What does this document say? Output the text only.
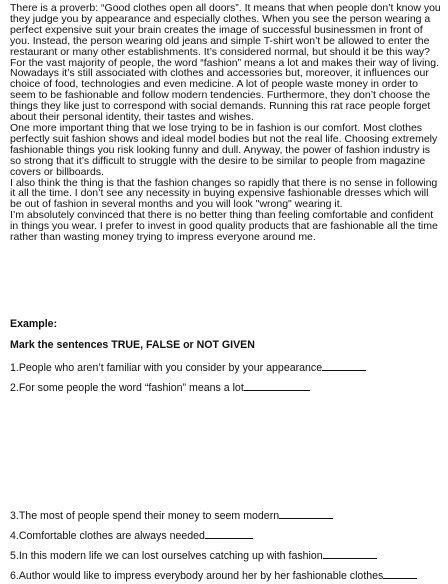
There is a proverb: “Good clothes open all doors”. It means that when people don’t know you they judge you by appearance and especially clothes. When you see the person wearing a perfect expensive suit your brain creates the image of successful businessmen in front of you. Instead, the person wearing old jeans and simple T-shirt won’t be allowed to enter the restaurant or many other establishments. It’s considered normal, but should it be this way?

For the vast majority of people, the word “fashion” means a lot and makes their way of living. Nowadays it’s still associated with clothes and accessories but, moreover, it influences our choice of food, technologies and even medicine. A lot of people waste money in order to seem to be fashionable and follow modern tendencies. Furthermore, they don’t choose the things they like just to correspond with social demands. Running this rat race people forget about their personal identity, their tastes and wishes.

One more important thing that we lose trying to be in fashion is our comfort. Most clothes perfectly suit fashion shows and ideal model bodies but not the real life. Choosing extremely fashionable things you risk looking funny and dull. Anyway, the power of fashion industry is so strong that it’s difficult to struggle with the desire to be similar to people from magazine covers or billboards.

I also think the thing is that the fashion changes so rapidly that there is no sense in following it all the time. I don’t see any necessity in buying expensive fashionable dresses which will be out of fashion in several months and you will look "wrong" wearing it.

I’m absolutely convinced that there is no better thing than feeling comfortable and confident in things you wear. I prefer to invest in good quality products that are fashionable all the time rather than wasting money trying to impress everyone around me.

Example:
Mark the sentences TRUE, FALSE or NOT GIVEN
1.People who aren’t familiar with you consider by your appearance
2.For some people the word “fashion” means a lot
3.The most of people spend their money to seem modern
4.Comfortable clothes are always needed
5.In this modern life we can lost ourselves catching up with fashion
6.Author would like to impress everybody around her by her fashionable clothes
